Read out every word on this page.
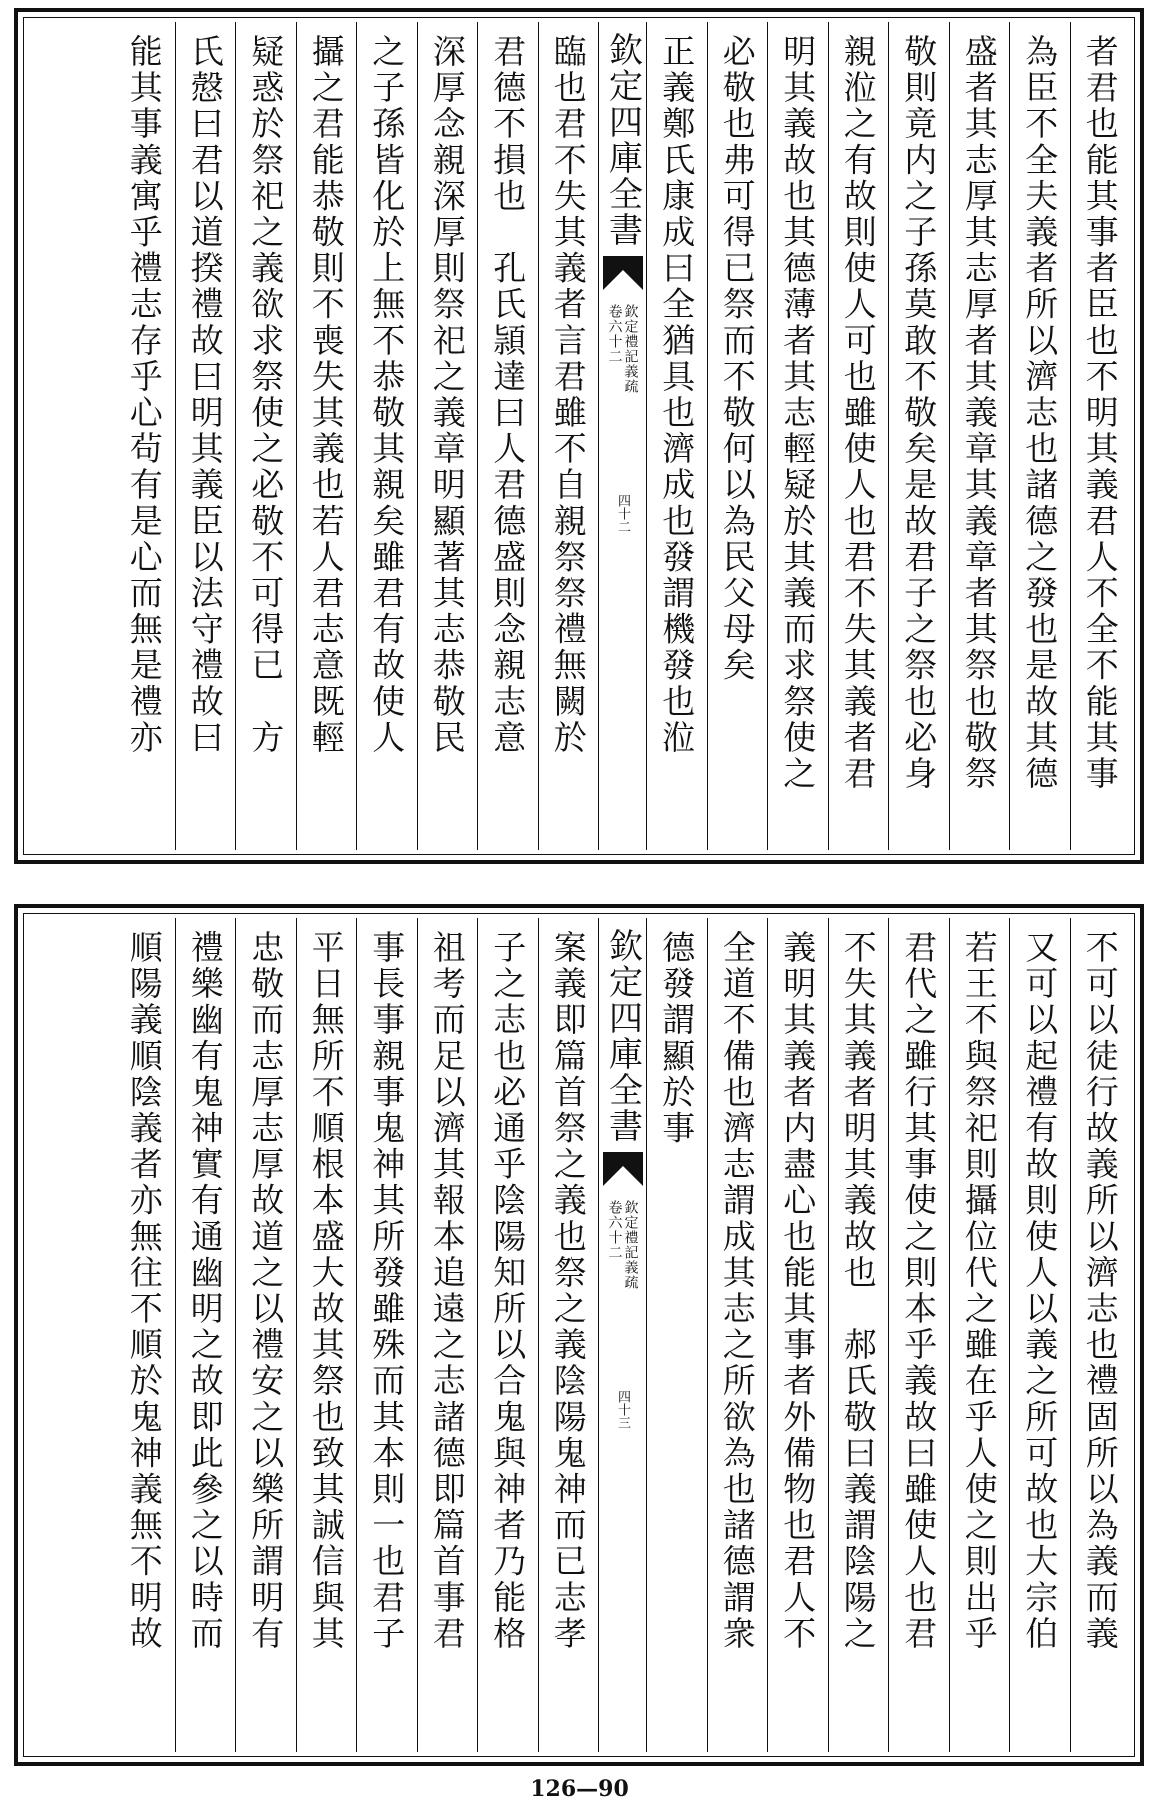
者君也能其事者臣也不明其義君人不全不能其事
為臣不全夫義者所以濟志也諸德之發也是故其德
盛者其志厚其志厚者其義章其義章者其祭也敬祭
敬則竟内之子孫莫敢不敬矣是故君子之祭也必身
親涖之有故則使人可也雖使人也君不失其義者君
明其義故也其德薄者其志輕疑於其義而求祭使之
必敬也弗可得已祭而不敬何以為民父母矣
正義鄭氏康成曰全猶具也濟成也發謂機發也涖
欽定四庫全書
欽定禮記義疏
卷六十二
四十二
臨也君不失其義者言君雖不自親祭祭禮無闕於
君德不損也　孔氏頴達曰人君德盛則念親志意
深厚念親深厚則祭祀之義章明顯著其志恭敬民
之子孫皆化於上無不恭敬其親矣雖君有故使人
攝之君能恭敬則不喪失其義也若人君志意既輕
疑惑於祭祀之義欲求祭使之必敬不可得已　方
氏慤曰君以道揆禮故曰明其義臣以法守禮故曰
能其事義寓乎禮志存乎心茍有是心而無是禮亦
不可以徒行故義所以濟志也禮固所以為義而義
又可以起禮有故則使人以義之所可故也大宗伯
若王不與祭祀則攝位代之雖在乎人使之則出乎
君代之雖行其事使之則本乎義故曰雖使人也君
不失其義者明其義故也　郝氏敬曰義謂陰陽之
義明其義者内盡心也能其事者外備物也君人不
全道不備也濟志謂成其志之所欲為也諸德謂衆
德發謂顯於事
欽定四庫全書
欽定禮記義疏
卷六十二
四十三
案義即篇首祭之義也祭之義陰陽鬼神而已志孝
子之志也必通乎陰陽知所以合鬼與神者乃能格
祖考而足以濟其報本追遠之志諸德即篇首事君
事長事親事鬼神其所發雖殊而其本則一也君子
平日無所不順根本盛大故其祭也致其誠信與其
忠敬而志厚志厚故道之以禮安之以樂所謂明有
禮樂幽有鬼神實有通幽明之故即此參之以時而
順陽義順陰義者亦無往不順於鬼神義無不明故
126—90
